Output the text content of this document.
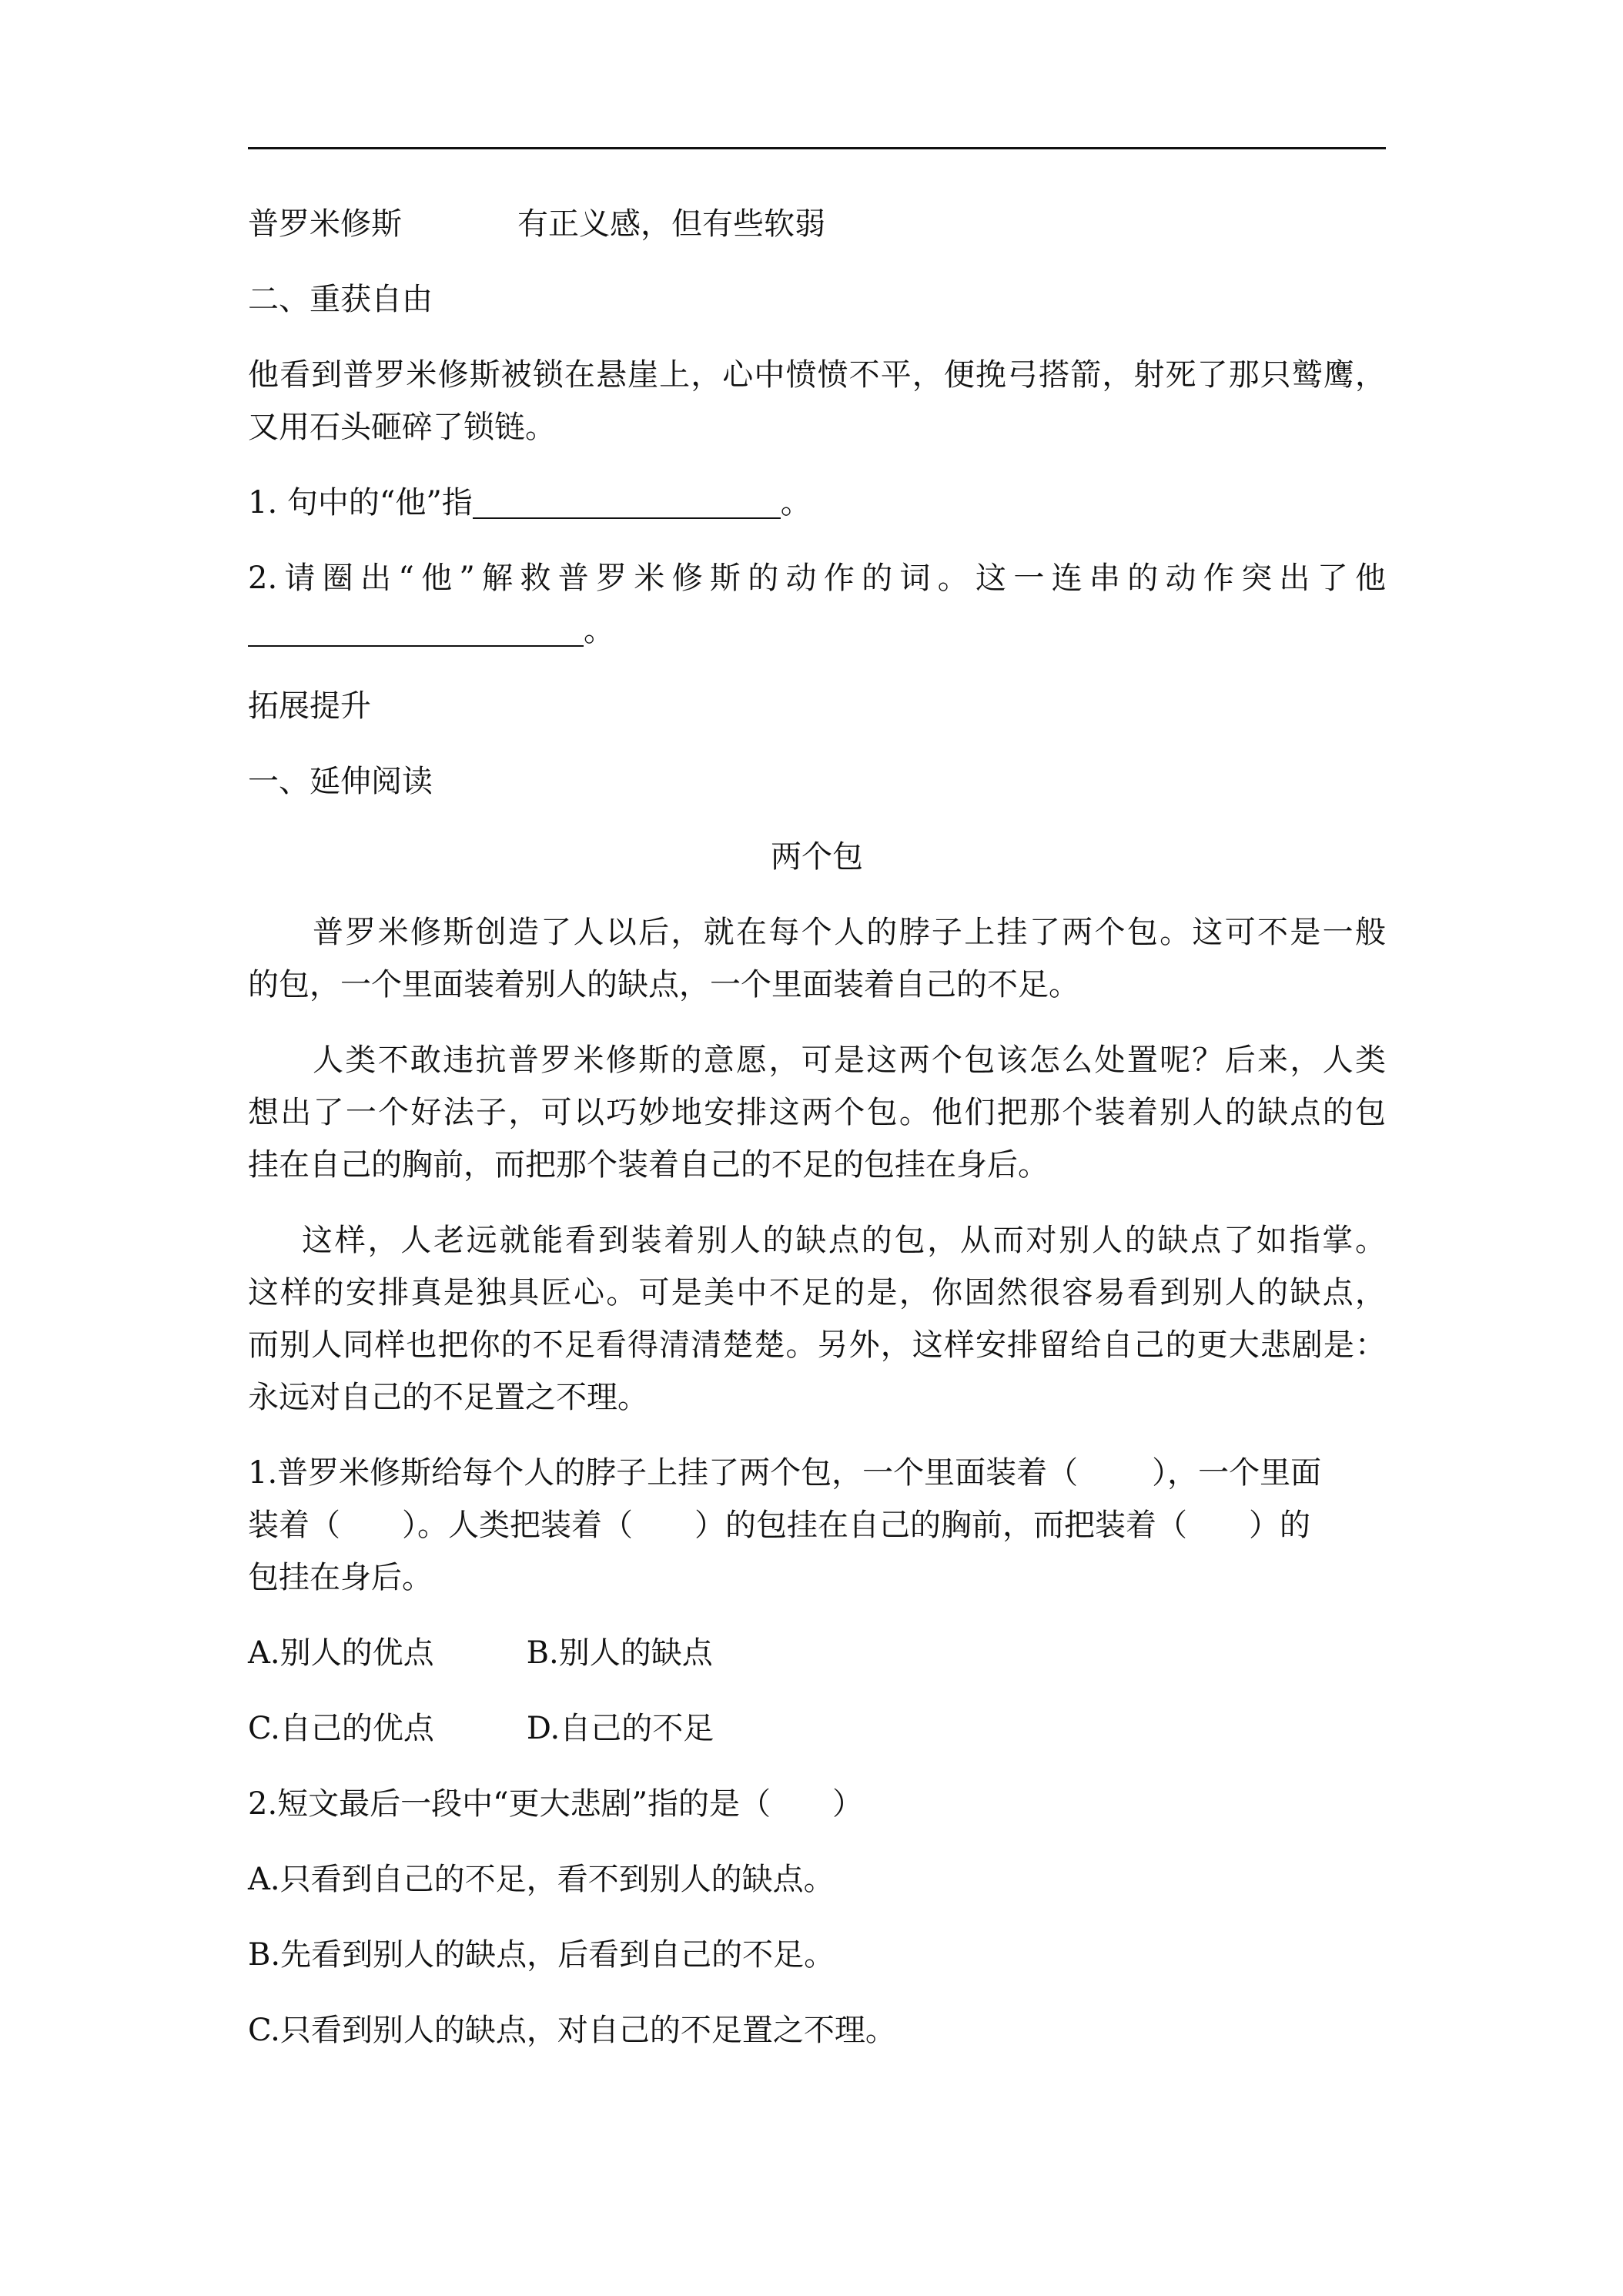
普罗米修斯	有正义感，但有些软弱
二、重获自由
他看到普罗米修斯被锁在悬崖上，心中愤愤不平，便挽弓搭箭，射死了那只鹫鹰，
又用石头砸碎了锁链。
1. 句中的“他”指	。
2.请圈出“他”解救普罗米修斯的动作的词。这一连串的动作突出了他
。
拓展提升
一、延伸阅读
两个包
普罗米修斯创造了人以后，就在每个人的脖子上挂了两个包。这可不是一般
的包，一个里面装着别人的缺点，一个里面装着自己的不足。
人类不敢违抗普罗米修斯的意愿，可是这两个包该怎么处置呢？后来，人类
想出了一个好法子，可以巧妙地安排这两个包。他们把那个装着别人的缺点的包
挂在自己的胸前，而把那个装着自己的不足的包挂在身后。
这样，人老远就能看到装着别人的缺点的包，从而对别人的缺点了如指掌。
这样的安排真是独具匠心。可是美中不足的是，你固然很容易看到别人的缺点，
而别人同样也把你的不足看得清清楚楚。另外，这样安排留给自己的更大悲剧是：
永远对自己的不足置之不理。
1.普罗米修斯给每个人的脖子上挂了两个包，一个里面装着（ ），一个里面
装着（ ）。人类把装着（ ）的包挂在自己的胸前，而把装着（ ）的
包挂在身后。
A.别人的优点	B.别人的缺点
C.自己的优点	D.自己的不足
2.短文最后一段中“更大悲剧”指的是（　　）
A.只看到自己的不足，看不到别人的缺点。
B.先看到别人的缺点，后看到自己的不足。
C.只看到别人的缺点，对自己的不足置之不理。
